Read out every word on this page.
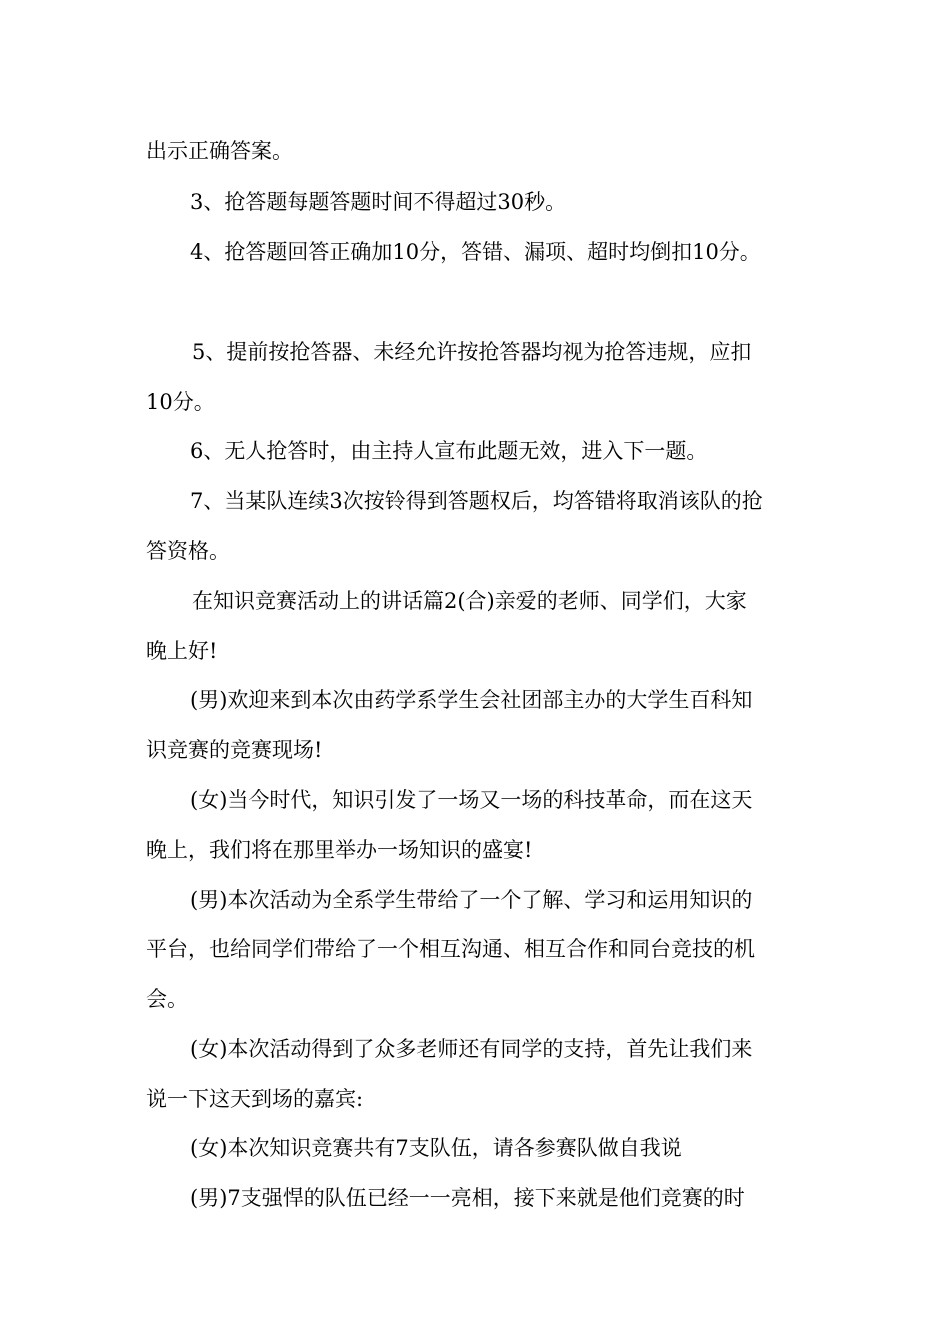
出示正确答案。
3、抢答题每题答题时间不得超过30秒。
4、抢答题回答正确加10分，答错、漏项、超时均倒扣10分。
5、提前按抢答器、未经允许按抢答器均视为抢答违规，应扣
10分。
6、无人抢答时，由主持人宣布此题无效，进入下一题。
7、当某队连续3次按铃得到答题权后，均答错将取消该队的抢
答资格。
在知识竞赛活动上的讲话篇2(合)亲爱的老师、同学们，大家
晚上好!
(男)欢迎来到本次由药学系学生会社团部主办的大学生百科知
识竞赛的竞赛现场!
(女)当今时代，知识引发了一场又一场的科技革命，而在这天
晚上，我们将在那里举办一场知识的盛宴!
(男)本次活动为全系学生带给了一个了解、学习和运用知识的
平台，也给同学们带给了一个相互沟通、相互合作和同台竞技的机
会。
(女)本次活动得到了众多老师还有同学的支持，首先让我们来
说一下这天到场的嘉宾:
(女)本次知识竞赛共有7支队伍，请各参赛队做自我说
(男)7支强悍的队伍已经一一亮相，接下来就是他们竞赛的时
